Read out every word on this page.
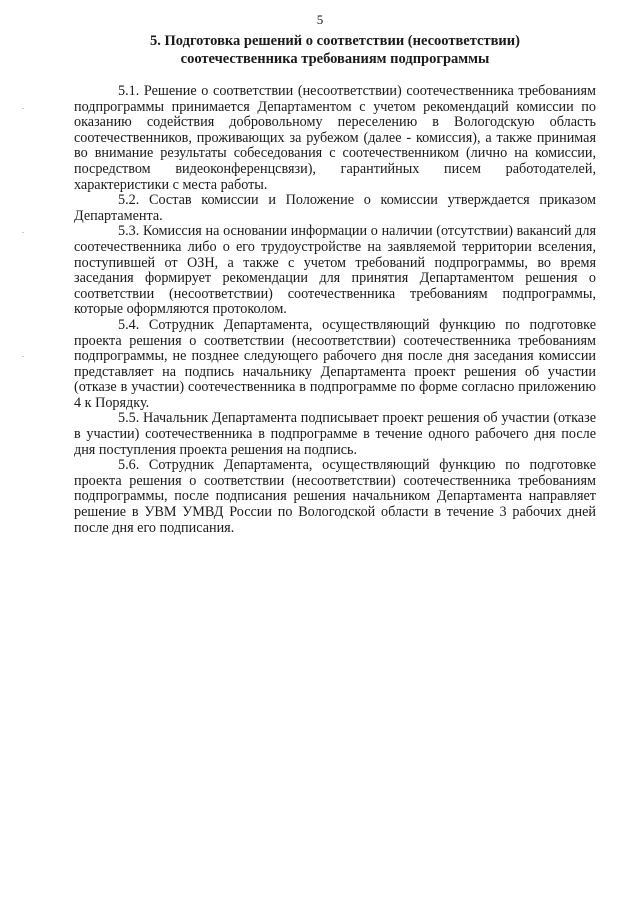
5
5. Подготовка решений о соответствии (несоответствии)
соотечественника требованиям подпрограммы

5.1. Решение о соответствии (несоответствии) соотечественника требованиям подпрограммы принимается Департаментом с учетом рекомендаций комиссии по оказанию содействия добровольному переселению в Вологодскую область соотечественников, проживающих за рубежом (далее - комиссия), а также принимая во внимание результаты собеседования с соотечественником (лично на комиссии, посредством видеоконференцсвязи), гарантийных писем работодателей, характеристики с места работы.

5.2. Состав комиссии и Положение о комиссии утверждается приказом Департамента.

5.3. Комиссия на основании информации о наличии (отсутствии) вакансий для соотечественника либо о его трудоустройстве на заявляемой территории вселения, поступившей от ОЗН, а также с учетом требований подпрограммы, во время заседания формирует рекомендации для принятия Департаментом решения о соответствии (несоответствии) соотечественника требованиям подпрограммы, которые оформляются протоколом.

5.4. Сотрудник Департамента, осуществляющий функцию по подготовке проекта решения о соответствии (несоответствии) соотечественника требованиям подпрограммы, не позднее следующего рабочего дня после дня заседания комиссии представляет на подпись начальнику Департамента проект решения об участии (отказе в участии) соотечественника в подпрограмме по форме согласно приложению 4 к Порядку.

5.5. Начальник Департамента подписывает проект решения об участии (отказе в участии) соотечественника в подпрограмме в течение одного рабочего дня после дня поступления проекта решения на подпись.

5.6. Сотрудник Департамента, осуществляющий функцию по подготовке проекта решения о соответствии (несоответствии) соотечественника требованиям подпрограммы, после подписания решения начальником Департамента направляет решение в УВМ УМВД России по Вологодской области в течение 3 рабочих дней после дня его подписания.
